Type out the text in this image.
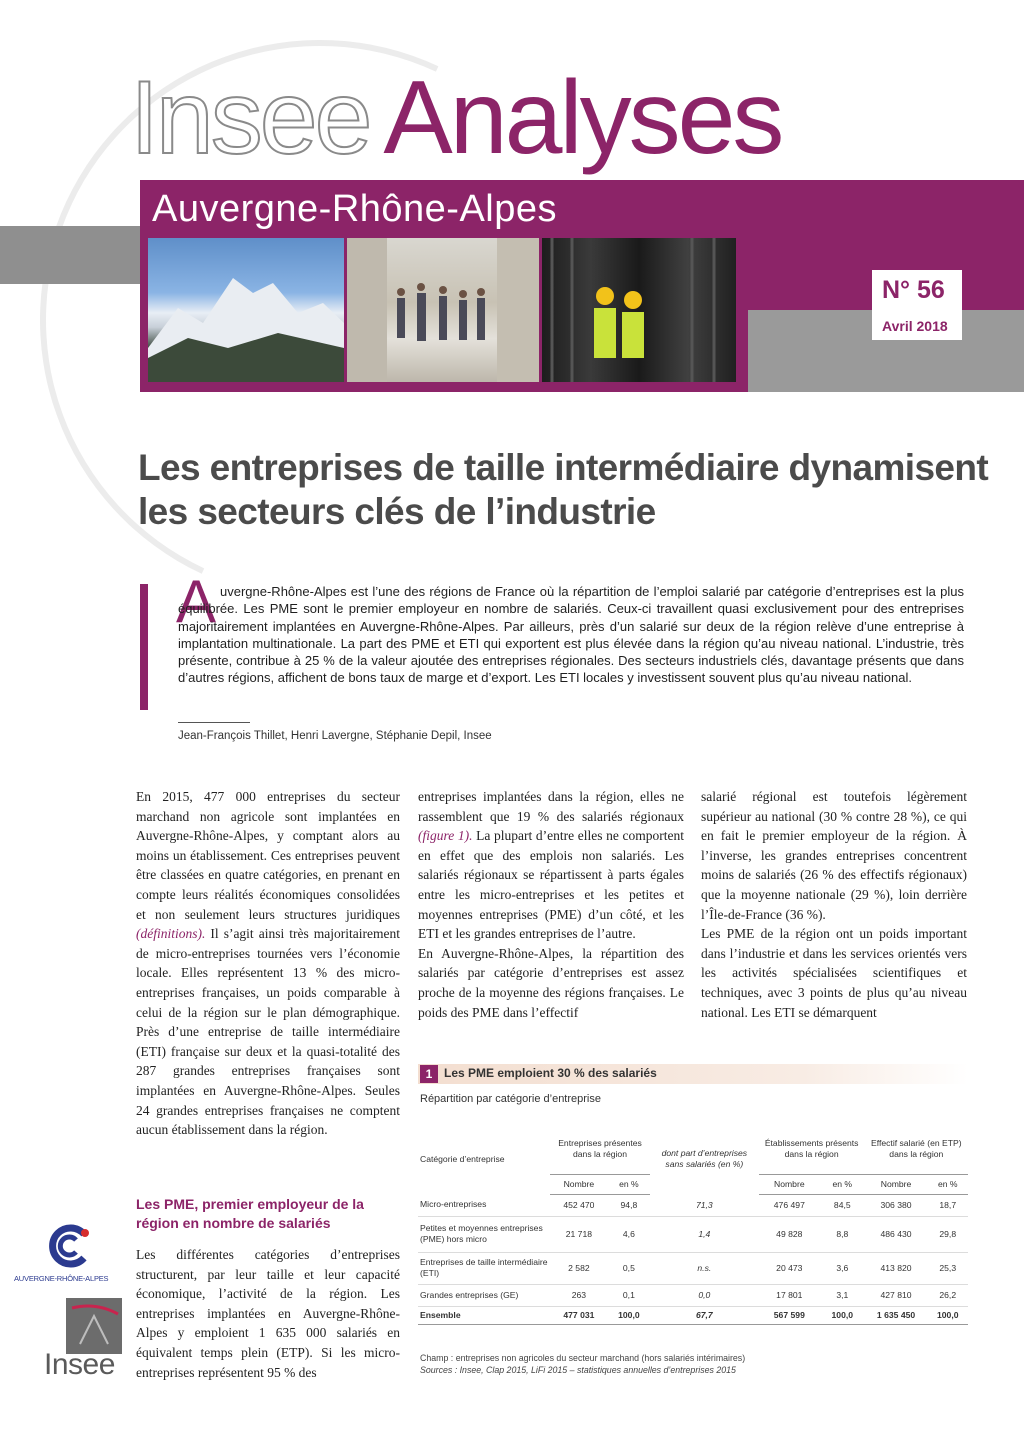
Insee Analyses
Auvergne-Rhône-Alpes
N° 56
Avril 2018
Les entreprises de taille intermédiaire dynamisent les secteurs clés de l’industrie
A uvergne-Rhône-Alpes est l’une des régions de France où la répartition de l’emploi salarié par catégorie d’entreprises est la plus équilibrée. Les PME sont le premier employeur en nombre de salariés. Ceux-ci travaillent quasi exclusivement pour des entreprises majoritairement implantées en Auvergne-Rhône-Alpes. Par ailleurs, près d’un salarié sur deux de la région relève d’une entreprise à implantation multinationale. La part des PME et ETI qui exportent est plus élevée dans la région qu’au niveau national. L’industrie, très présente, contribue à 25 % de la valeur ajoutée des entreprises régionales. Des secteurs industriels clés, davantage présents que dans d’autres régions, affichent de bons taux de marge et d’export. Les ETI locales y investissent souvent plus qu’au niveau national.

Jean-François Thillet, Henri Lavergne, Stéphanie Depil, Insee

En 2015, 477 000 entreprises du secteur marchand non agricole sont implantées en Auvergne-Rhône-Alpes, y comptant alors au moins un établissement. Ces entreprises peuvent être classées en quatre catégories, en prenant en compte leurs réalités économiques consolidées et non seulement leurs structures juridiques (définitions). Il s’agit ainsi très majoritairement de micro-entreprises tournées vers l’économie locale. Elles représentent 13 % des micro-entreprises françaises, un poids comparable à celui de la région sur le plan démographique. Près d’une entreprise de taille intermédiaire (ETI) française sur deux et la quasi-totalité des 287 grandes entreprises françaises sont implantées en Auvergne-Rhône-Alpes. Seules 24 grandes entreprises françaises ne comptent aucun établissement dans la région.

Les PME, premier employeur de la région en nombre de salariés

Les différentes catégories d’entreprises structurent, par leur taille et leur capacité économique, l’activité de la région. Les entreprises implantées en Auvergne-Rhône-Alpes y emploient 1 635 000 salariés en équivalent temps plein (ETP). Si les micro-entreprises représentent 95 % des

entreprises implantées dans la région, elles ne rassemblent que 19 % des salariés régionaux (figure 1). La plupart d’entre elles ne comportent en effet que des emplois non salariés. Les salariés régionaux se répartissent à parts égales entre les micro-entreprises et les petites et moyennes entreprises (PME) d’un côté, et les ETI et les grandes entreprises de l’autre.

En Auvergne-Rhône-Alpes, la répartition des salariés par catégorie d’entreprises est assez proche de la moyenne des régions françaises. Le poids des PME dans l’effectif

salarié régional est toutefois légèrement supérieur au national (30 % contre 28 %), ce qui en fait le premier employeur de la région. À l’inverse, les grandes entreprises concentrent moins de salariés (26 % des effectifs régionaux) que la moyenne nationale (29 %), loin derrière l’Île-de-France (36 %).

Les PME de la région ont un poids important dans l’industrie et dans les services orientés vers les activités spécialisées scientifiques et techniques, avec 3 points de plus qu’au niveau national. Les ETI se démarquent

1 Les PME emploient 30 % des salariés
Répartition par catégorie d’entreprise
Catégorie d’entreprise	Entreprises présentes dans la région		dont part d’entreprises sans salariés (en %)	Établissements présents dans la région		Effectif salarié (en ETP) dans la région	
	Nombre	en %		Nombre	en %	Nombre	en %
Micro-entreprises	452 470	94,8	71,3	476 497	84,5	306 380	18,7
Petites et moyennes entreprises (PME) hors micro	21 718	4,6	1,4	49 828	8,8	486 430	29,8
Entreprises de taille intermédiaire (ETI)	2 582	0,5	n.s.	20 473	3,6	413 820	25,3
Grandes entreprises (GE)	263	0,1	0,0	17 801	3,1	427 810	26,2
Ensemble	477 031	100,0	67,7	567 599	100,0	1 635 450	100,0
Champ : entreprises non agricoles du secteur marchand (hors salariés intérimaires)
Sources : Insee, Clap 2015, LiFi 2015 – statistiques annuelles d’entreprises 2015
AUVERGNE-RHÔNE-ALPES
Insee
